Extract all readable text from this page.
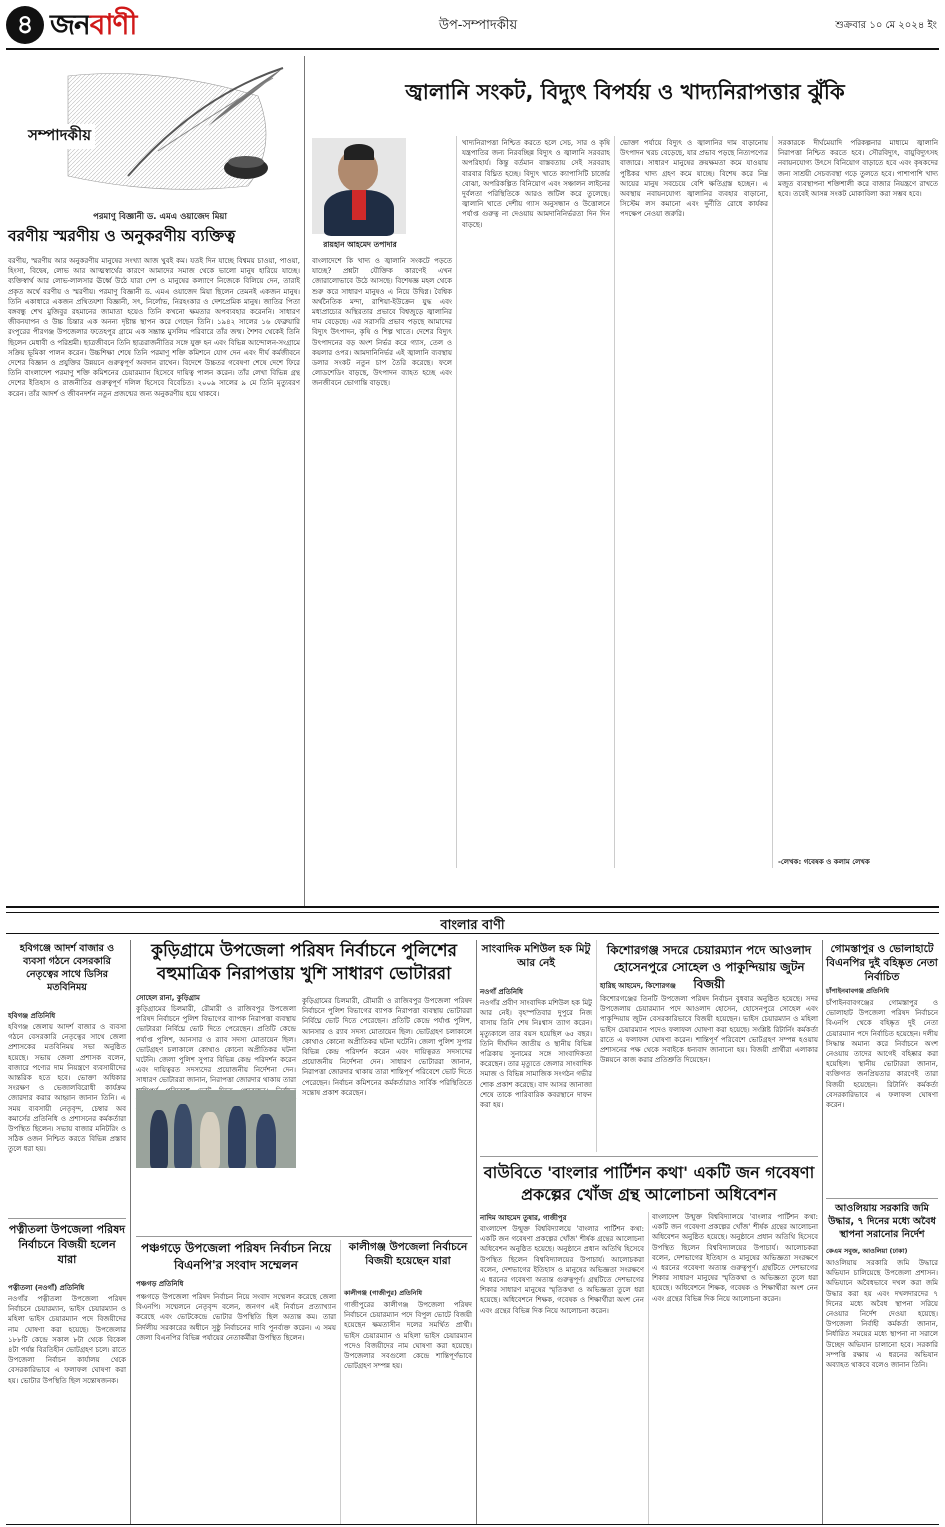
৪ জনবাণী	উপ-সম্পাদকীয়	শুক্রবার ১০ মে ২০২৪ ইং
সম্পাদকীয়
পরমাণু বিজ্ঞানী ড. এমএ ওয়াজেদ মিয়া
বরণীয় স্মরণীয় ও অনুকরণীয় ব্যক্তিত্ব
বরণীয়, স্মরণীয় আর অনুকরণীয় মানুষের সংখ্যা আজ খুবই কম। যতই দিন যাচ্ছে বিশ্বময় চাওয়া, পাওয়া, হিংসা, বিদ্বেষ, লোভ আর আত্মস্বার্থের কারণে আমাদের সমাজ থেকে ভালো মানুষ হারিয়ে যাচ্ছে। ব্যক্তিস্বার্থ আর লোভ-লালসার ঊর্ধ্বে উঠে যারা দেশ ও মানুষের কল্যাণে নিজেকে বিলিয়ে দেন, তারাই প্রকৃত অর্থে বরণীয় ও স্মরণীয়। পরমাণু বিজ্ঞানী ড. এমএ ওয়াজেদ মিয়া ছিলেন তেমনই একজন মানুষ। তিনি একাধারে একজন প্রথিতযশা বিজ্ঞানী, সৎ, নির্লোভ, নিরহংকার ও দেশপ্রেমিক মানুষ। জাতির পিতা বঙ্গবন্ধু শেখ মুজিবুর রহমানের জামাতা হয়েও তিনি কখনো ক্ষমতার অপব্যবহার করেননি। সাধারণ জীবনযাপন ও উচ্চ চিন্তার এক অনন্য দৃষ্টান্ত স্থাপন করে গেছেন তিনি। ১৯৪২ সালের ১৬ ফেব্রুয়ারি রংপুরের পীরগঞ্জ উপজেলার ফতেহপুর গ্রামে এক সম্ভ্রান্ত মুসলিম পরিবারে তাঁর জন্ম। শৈশব থেকেই তিনি ছিলেন মেধাবী ও পরিশ্রমী। ছাত্রজীবনে তিনি ছাত্ররাজনীতির সঙ্গে যুক্ত হন এবং বিভিন্ন আন্দোলন-সংগ্রামে সক্রিয় ভূমিকা পালন করেন। উচ্চশিক্ষা শেষে তিনি পরমাণু শক্তি কমিশনে যোগ দেন এবং দীর্ঘ কর্মজীবনে দেশের বিজ্ঞান ও প্রযুক্তির উন্নয়নে গুরুত্বপূর্ণ অবদান রাখেন। বিদেশে উচ্চতর গবেষণা শেষে দেশে ফিরে তিনি বাংলাদেশ পরমাণু শক্তি কমিশনের চেয়ারম্যান হিসেবে দায়িত্ব পালন করেন। তাঁর লেখা বিভিন্ন গ্রন্থ দেশের ইতিহাস ও রাজনীতির গুরুত্বপূর্ণ দলিল হিসেবে বিবেচিত। ২০০৯ সালের ৯ মে তিনি মৃত্যুবরণ করেন। তাঁর আদর্শ ও জীবনদর্শন নতুন প্রজন্মের জন্য অনুকরণীয় হয়ে থাকবে।
জ্বালানি সংকট, বিদ্যুৎ বিপর্যয় ও খাদ্যনিরাপত্তার ঝুঁকি
রায়হান আহমেদ তপাদার
বাংলাদেশে কি খাদ্য ও জ্বালানি সংকটে পড়তে যাচ্ছে? প্রশ্নটা যৌক্তিক কারণেই এখন জোরালোভাবে উঠে আসছে। বিশেষজ্ঞ মহল থেকে শুরু করে সাধারণ মানুষও এ নিয়ে উদ্বিগ্ন। বৈশ্বিক অর্থনৈতিক মন্দা, রাশিয়া-ইউক্রেন যুদ্ধ এবং মধ্যপ্রাচ্যের অস্থিরতার প্রভাবে বিশ্বজুড়ে জ্বালানির দাম বেড়েছে। এর সরাসরি প্রভাব পড়ছে আমাদের বিদ্যুৎ উৎপাদন, কৃষি ও শিল্প খাতে। দেশের বিদ্যুৎ উৎপাদনের বড় অংশ নির্ভর করে গ্যাস, তেল ও কয়লার ওপর। আমদানিনির্ভর এই জ্বালানি ব্যবস্থায় ডলার সংকট নতুন চাপ তৈরি করেছে। ফলে লোডশেডিং বাড়ছে, উৎপাদন ব্যাহত হচ্ছে এবং জনজীবনে ভোগান্তি বাড়ছে।
খাদ্যনিরাপত্তা নিশ্চিত করতে হলে সেচ, সার ও কৃষি যন্ত্রপাতির জন্য নিরবচ্ছিন্ন বিদ্যুৎ ও জ্বালানি সরবরাহ অপরিহার্য। কিন্তু বর্তমান বাস্তবতায় সেই সরবরাহ বারবার বিঘ্নিত হচ্ছে। বিদ্যুৎ খাতে ক্যাপাসিটি চার্জের বোঝা, অপরিকল্পিত বিনিয়োগ এবং সঞ্চালন লাইনের দুর্বলতা পরিস্থিতিকে আরও জটিল করে তুলেছে। জ্বালানি খাতে দেশীয় গ্যাস অনুসন্ধান ও উত্তোলনে পর্যাপ্ত গুরুত্ব না দেওয়ায় আমদানিনির্ভরতা দিন দিন বাড়ছে।
ভোক্তা পর্যায়ে বিদ্যুৎ ও জ্বালানির দাম বাড়ানোয় উৎপাদন খরচ বেড়েছে, যার প্রভাব পড়ছে নিত্যপণ্যের বাজারে। সাধারণ মানুষের ক্রয়ক্ষমতা কমে যাওয়ায় পুষ্টিকর খাদ্য গ্রহণ কমে যাচ্ছে। বিশেষ করে নিম্ন আয়ের মানুষ সবচেয়ে বেশি ক্ষতিগ্রস্ত হচ্ছেন। এ অবস্থায় নবায়নযোগ্য জ্বালানির ব্যবহার বাড়ানো, সিস্টেম লস কমানো এবং দুর্নীতি রোধে কার্যকর পদক্ষেপ নেওয়া জরুরি।
সরকারকে দীর্ঘমেয়াদি পরিকল্পনার মাধ্যমে জ্বালানি নিরাপত্তা নিশ্চিত করতে হবে। সৌরবিদ্যুৎ, বায়ুবিদ্যুৎসহ নবায়নযোগ্য উৎসে বিনিয়োগ বাড়াতে হবে এবং কৃষকদের জন্য সাশ্রয়ী সেচব্যবস্থা গড়ে তুলতে হবে। পাশাপাশি খাদ্য মজুত ব্যবস্থাপনা শক্তিশালী করে বাজার নিয়ন্ত্রণে রাখতে হবে। তবেই আসন্ন সংকট মোকাবিলা করা সম্ভব হবে।
-লেখক: গবেষক ও কলাম লেখক
বাংলার বাণী
হবিগঞ্জে আদর্শ বাজার ও ব্যবসা গঠনে বেসরকারি নেতৃত্বের সাথে ডিসির মতবিনিময়
হবিগঞ্জ প্রতিনিধি
হবিগঞ্জ জেলায় আদর্শ বাজার ও ব্যবসা গঠনে বেসরকারি নেতৃত্বের সাথে জেলা প্রশাসকের মতবিনিময় সভা অনুষ্ঠিত হয়েছে। সভায় জেলা প্রশাসক বলেন, বাজারে পণ্যের দাম নিয়ন্ত্রণে ব্যবসায়ীদের আন্তরিক হতে হবে। ভোক্তা অধিকার সংরক্ষণ ও ভেজালবিরোধী কার্যক্রম জোরদার করার আহ্বান জানান তিনি। এ সময় ব্যবসায়ী নেতৃবৃন্দ, চেম্বার অব কমার্সের প্রতিনিধি ও প্রশাসনের কর্মকর্তারা উপস্থিত ছিলেন। সভায় বাজার মনিটরিং ও সঠিক ওজন নিশ্চিত করতে বিভিন্ন প্রস্তাব তুলে ধরা হয়।
পত্নীতলা উপজেলা পরিষদ নির্বাচনে বিজয়ী হলেন যারা
পত্নীতলা (নওগাঁ) প্রতিনিধি
নওগাঁর পত্নীতলা উপজেলা পরিষদ নির্বাচনে চেয়ারম্যান, ভাইস চেয়ারম্যান ও মহিলা ভাইস চেয়ারম্যান পদে বিজয়ীদের নাম ঘোষণা করা হয়েছে। উপজেলার ১৮৮টি কেন্দ্রে সকাল ৮টা থেকে বিকেল ৪টা পর্যন্ত বিরতিহীন ভোটগ্রহণ চলে। রাতে উপজেলা নির্বাচন কার্যালয় থেকে বেসরকারিভাবে এ ফলাফল ঘোষণা করা হয়। ভোটার উপস্থিতি ছিল সন্তোষজনক।
কুড়িগ্রামে উপজেলা পরিষদ নির্বাচনে পুলিশের বহুমাত্রিক নিরাপত্তায় খুশি সাধারণ ভোটাররা
সোহেল রানা, কুড়িগ্রাম
কুড়িগ্রামের চিলমারী, রৌমারী ও রাজিবপুর উপজেলা পরিষদ নির্বাচনে পুলিশ বিভাগের ব্যাপক নিরাপত্তা ব্যবস্থায় ভোটাররা নির্বিঘ্নে ভোট দিতে পেরেছেন। প্রতিটি কেন্দ্রে পর্যাপ্ত পুলিশ, আনসার ও র‍্যাব সদস্য মোতায়েন ছিল। ভোটগ্রহণ চলাকালে কোথাও কোনো অপ্রীতিকর ঘটনা ঘটেনি। জেলা পুলিশ সুপার বিভিন্ন কেন্দ্র পরিদর্শন করেন এবং দায়িত্বরত সদস্যদের প্রয়োজনীয় নির্দেশনা দেন। সাধারণ ভোটাররা জানান, নিরাপত্তা জোরদার থাকায় তারা
কুড়িগ্রামের চিলমারী, রৌমারী ও রাজিবপুর উপজেলা পরিষদ নির্বাচনে পুলিশ বিভাগের ব্যাপক নিরাপত্তা ব্যবস্থায় ভোটাররা নির্বিঘ্নে ভোট দিতে পেরেছেন। প্রতিটি কেন্দ্রে পর্যাপ্ত পুলিশ, আনসার ও র‍্যাব সদস্য মোতায়েন ছিল। ভোটগ্রহণ চলাকালে কোথাও কোনো অপ্রীতিকর ঘটনা ঘটেনি। জেলা পুলিশ সুপার বিভিন্ন কেন্দ্র পরিদর্শন করেন এবং দায়িত্বরত সদস্যদের প্রয়োজনীয় নির্দেশনা দেন। সাধারণ ভোটাররা জানান, নিরাপত্তা জোরদার থাকায় তারা শান্তিপূর্ণ পরিবেশে ভোট দিতে পেরেছেন। নির্বাচন কমিশনের কর্মকর্তারাও সার্বিক পরিস্থিতিতে সন্তোষ প্রকাশ করেছেন।
পঞ্চগড়ে উপজেলা পরিষদ নির্বাচন নিয়ে বিএনপি'র সংবাদ সম্মেলন
পঞ্চগড় প্রতিনিধি
পঞ্চগড়ে উপজেলা পরিষদ নির্বাচন নিয়ে সংবাদ সম্মেলন করেছে জেলা বিএনপি। সম্মেলনে নেতৃবৃন্দ বলেন, জনগণ এই নির্বাচন প্রত্যাখ্যান করেছে এবং ভোটকেন্দ্রে ভোটার উপস্থিতি ছিল অত্যন্ত কম। তারা নির্দলীয় সরকারের অধীনে সুষ্ঠু নির্বাচনের দাবি পুনর্ব্যক্ত করেন। এ সময় জেলা বিএনপির বিভিন্ন পর্যায়ের নেতাকর্মীরা উপস্থিত ছিলেন।
কালীগঞ্জ উপজেলা নির্বাচনে বিজয়ী হয়েছেন যারা
কালীগঞ্জ (গাজীপুর) প্রতিনিধি
গাজীপুরের কালীগঞ্জ উপজেলা পরিষদ নির্বাচনে চেয়ারম্যান পদে বিপুল ভোটে বিজয়ী হয়েছেন ক্ষমতাসীন দলের সমর্থিত প্রার্থী। ভাইস চেয়ারম্যান ও মহিলা ভাইস চেয়ারম্যান পদেও বিজয়ীদের নাম ঘোষণা করা হয়েছে। উপজেলার সবগুলো কেন্দ্রে শান্তিপূর্ণভাবে ভোটগ্রহণ সম্পন্ন হয়।
সাংবাদিক মশিউল হক মিটু আর নেই
নওগাঁ প্রতিনিধি
নওগাঁর প্রবীণ সাংবাদিক মশিউল হক মিটু আর নেই। বৃহস্পতিবার দুপুরে নিজ বাসায় তিনি শেষ নিঃশ্বাস ত্যাগ করেন। মৃত্যুকালে তার বয়স হয়েছিল ৬৫ বছর। তিনি দীর্ঘদিন জাতীয় ও স্থানীয় বিভিন্ন পত্রিকায় সুনামের সঙ্গে সাংবাদিকতা করেছেন। তার মৃত্যুতে জেলার সাংবাদিক সমাজ ও বিভিন্ন সামাজিক সংগঠন গভীর শোক প্রকাশ করেছে। বাদ আসর জানাজা শেষে তাকে পারিবারিক কবরস্থানে দাফন করা হয়।
কিশোরগঞ্জ সদরে চেয়ারম্যান পদে আওলাদ হোসেনপুরে সোহেল ও পাকুন্দিয়ায় জুটন বিজয়ী
হারিছ আহমেদ, কিশোরগঞ্জ
কিশোরগঞ্জের তিনটি উপজেলা পরিষদ নির্বাচন বুধবার অনুষ্ঠিত হয়েছে। সদর উপজেলায় চেয়ারম্যান পদে আওলাদ হোসেন, হোসেনপুরে সোহেল এবং পাকুন্দিয়ায় জুটন বেসরকারিভাবে বিজয়ী হয়েছেন। ভাইস চেয়ারম্যান ও মহিলা ভাইস চেয়ারম্যান পদেও ফলাফল ঘোষণা করা হয়েছে। সংশ্লিষ্ট রিটার্নিং কর্মকর্তা রাতে এ ফলাফল ঘোষণা করেন। শান্তিপূর্ণ পরিবেশে ভোটগ্রহণ সম্পন্ন হওয়ায় প্রশাসনের পক্ষ থেকে সবাইকে ধন্যবাদ জানানো হয়। বিজয়ী প্রার্থীরা এলাকার উন্নয়নে কাজ করার প্রতিশ্রুতি দিয়েছেন।
গোমস্তাপুর ও ভোলাহাটে বিএনপির দুই বহিষ্কৃত নেতা নির্বাচিত
চাঁপাইনবাবগঞ্জ প্রতিনিধি
চাঁপাইনবাবগঞ্জের গোমস্তাপুর ও ভোলাহাট উপজেলা পরিষদ নির্বাচনে বিএনপি থেকে বহিষ্কৃত দুই নেতা চেয়ারম্যান পদে নির্বাচিত হয়েছেন। দলীয় সিদ্ধান্ত অমান্য করে নির্বাচনে অংশ নেওয়ায় তাদের আগেই বহিষ্কার করা হয়েছিল। স্থানীয় ভোটাররা জানান, ব্যক্তিগত জনপ্রিয়তার কারণেই তারা বিজয়ী হয়েছেন। রিটার্নিং কর্মকর্তা বেসরকারিভাবে এ ফলাফল ঘোষণা করেন।
আওলিয়ায় সরকারি জমি উদ্ধার, ৭ দিনের মধ্যে অবৈধ স্থাপনা সরানোর নির্দেশ
কেএম সবুজ, আওলিয়া (ঢাকা)
আওলিয়ায় সরকারি জমি উদ্ধারে অভিযান চালিয়েছে উপজেলা প্রশাসন। অভিযানে অবৈধভাবে দখল করা জমি উদ্ধার করা হয় এবং দখলদারদের ৭ দিনের মধ্যে অবৈধ স্থাপনা সরিয়ে নেওয়ার নির্দেশ দেওয়া হয়েছে। উপজেলা নির্বাহী কর্মকর্তা জানান, নির্ধারিত সময়ের মধ্যে স্থাপনা না সরালে উচ্ছেদ অভিযান চালানো হবে। সরকারি সম্পত্তি রক্ষায় এ ধরনের অভিযান অব্যাহত থাকবে বলেও জানান তিনি।
বাউবিতে 'বাংলার পার্টিশন কথা' একটি জন গবেষণা প্রকল্পের খোঁজ গ্রন্থ আলোচনা অধিবেশন
নাদিম আহমেদ তুষার, গাজীপুর
বাংলাদেশ উন্মুক্ত বিশ্ববিদ্যালয়ে 'বাংলার পার্টিশন কথা: একটি জন গবেষণা প্রকল্পের খোঁজ' শীর্ষক গ্রন্থের আলোচনা অধিবেশন অনুষ্ঠিত হয়েছে। অনুষ্ঠানে প্রধান অতিথি হিসেবে উপস্থিত ছিলেন বিশ্ববিদ্যালয়ের উপাচার্য। আলোচকরা বলেন, দেশভাগের ইতিহাস ও মানুষের অভিজ্ঞতা সংরক্ষণে এ ধরনের গবেষণা অত্যন্ত গুরুত্বপূর্ণ। গ্রন্থটিতে দেশভাগের শিকার সাধারণ মানুষের স্মৃতিকথা ও অভিজ্ঞতা তুলে ধরা হয়েছে। অধিবেশনে শিক্ষক, গবেষক ও শিক্ষার্থীরা অংশ নেন এবং গ্রন্থের বিভিন্ন দিক নিয়ে আলোচনা করেন।
বাংলাদেশ উন্মুক্ত বিশ্ববিদ্যালয়ে 'বাংলার পার্টিশন কথা: একটি জন গবেষণা প্রকল্পের খোঁজ' শীর্ষক গ্রন্থের আলোচনা অধিবেশন অনুষ্ঠিত হয়েছে। অনুষ্ঠানে প্রধান অতিথি হিসেবে উপস্থিত ছিলেন বিশ্ববিদ্যালয়ের উপাচার্য। আলোচকরা বলেন, দেশভাগের ইতিহাস ও মানুষের অভিজ্ঞতা সংরক্ষণে এ ধরনের গবেষণা অত্যন্ত গুরুত্বপূর্ণ। গ্রন্থটিতে দেশভাগের শিকার সাধারণ মানুষের স্মৃতিকথা ও অভিজ্ঞতা তুলে ধরা হয়েছে। অধিবেশনে শিক্ষক, গবেষক ও শিক্ষার্থীরা অংশ নেন এবং গ্রন্থের বিভিন্ন দিক নিয়ে আলোচনা করেন।
